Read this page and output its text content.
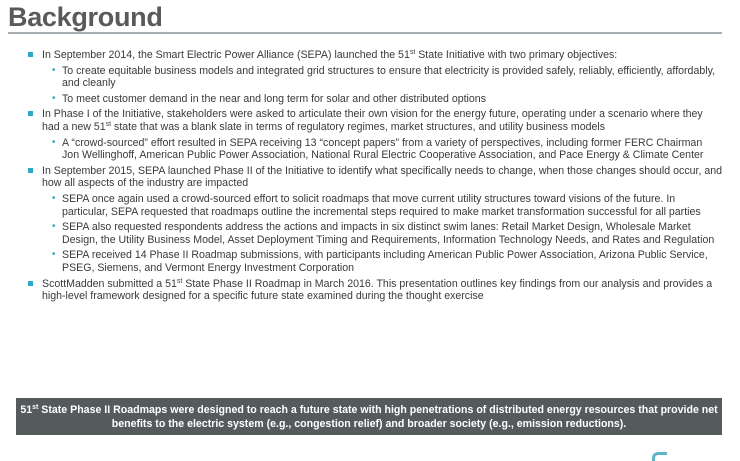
Background
In September 2014, the Smart Electric Power Alliance (SEPA) launched the 51st State Initiative with two primary objectives:
• To create equitable business models and integrated grid structures to ensure that electricity is provided safely, reliably, efficiently, affordably, and cleanly
• To meet customer demand in the near and long term for solar and other distributed options
In Phase I of the Initiative, stakeholders were asked to articulate their own vision for the energy future, operating under a scenario where they had a new 51st state that was a blank slate in terms of regulatory regimes, market structures, and utility business models
• A “crowd-sourced” effort resulted in SEPA receiving 13 “concept papers” from a variety of perspectives, including former FERC Chairman Jon Wellinghoff, American Public Power Association, National Rural Electric Cooperative Association, and Pace Energy & Climate Center
In September 2015, SEPA launched Phase II of the Initiative to identify what specifically needs to change, when those changes should occur, and how all aspects of the industry are impacted
• SEPA once again used a crowd-sourced effort to solicit roadmaps that move current utility structures toward visions of the future. In particular, SEPA requested that roadmaps outline the incremental steps required to make market transformation successful for all parties
• SEPA also requested respondents address the actions and impacts in six distinct swim lanes: Retail Market Design, Wholesale Market Design, the Utility Business Model, Asset Deployment Timing and Requirements, Information Technology Needs, and Rates and Regulation
• SEPA received 14 Phase II Roadmap submissions, with participants including American Public Power Association, Arizona Public Service, PSEG, Siemens, and Vermont Energy Investment Corporation
ScottMadden submitted a 51st State Phase II Roadmap in March 2016. This presentation outlines key findings from our analysis and provides a high-level framework designed for a specific future state examined during the thought exercise
51st State Phase II Roadmaps were designed to reach a future state with high penetrations of distributed energy resources that provide net benefits to the electric system (e.g., congestion relief) and broader society (e.g., emission reductions).
